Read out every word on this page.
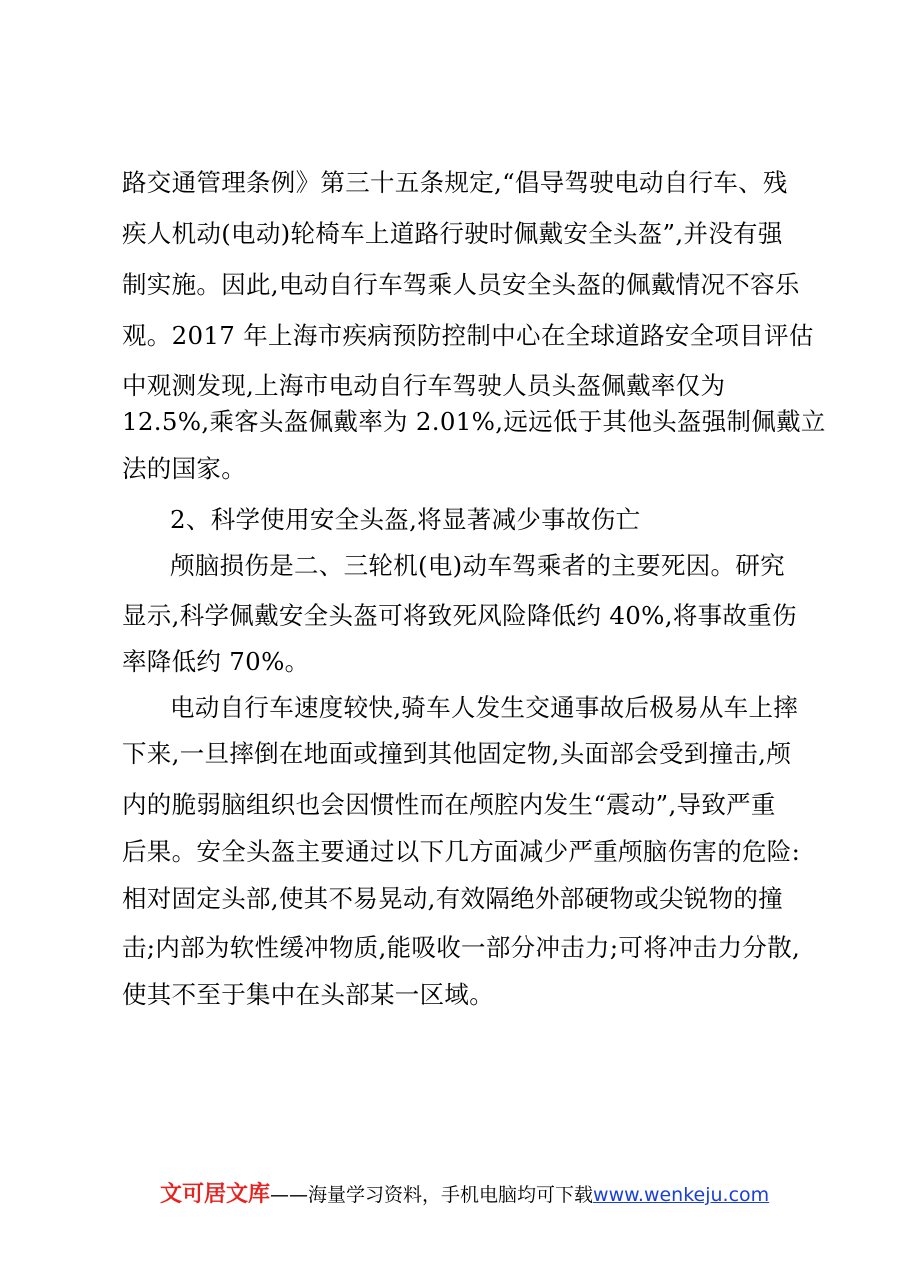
路交通管理条例》第三十五条规定,“倡导驾驶电动自行车、残
疾人机动(电动)轮椅车上道路行驶时佩戴安全头盔”,并没有强
制实施。因此,电动自行车驾乘人员安全头盔的佩戴情况不容乐
观。2017 年上海市疾病预防控制中心在全球道路安全项目评估
中观测发现,上海市电动自行车驾驶人员头盔佩戴率仅为
12.5%,乘客头盔佩戴率为 2.01%,远远低于其他头盔强制佩戴立
法的国家。
2、科学使用安全头盔,将显著减少事故伤亡
颅脑损伤是二、三轮机(电)动车驾乘者的主要死因。研究
显示,科学佩戴安全头盔可将致死风险降低约 40%,将事故重伤
率降低约 70%。
电动自行车速度较快,骑车人发生交通事故后极易从车上摔
下来,一旦摔倒在地面或撞到其他固定物,头面部会受到撞击,颅
内的脆弱脑组织也会因惯性而在颅腔内发生“震动”,导致严重
后果。安全头盔主要通过以下几方面减少严重颅脑伤害的危险:
相对固定头部,使其不易晃动,有效隔绝外部硬物或尖锐物的撞
击;内部为软性缓冲物质,能吸收一部分冲击力;可将冲击力分散,
使其不至于集中在头部某一区域。
文可居文库——海量学习资料，手机电脑均可下载www.wenkeju.com
